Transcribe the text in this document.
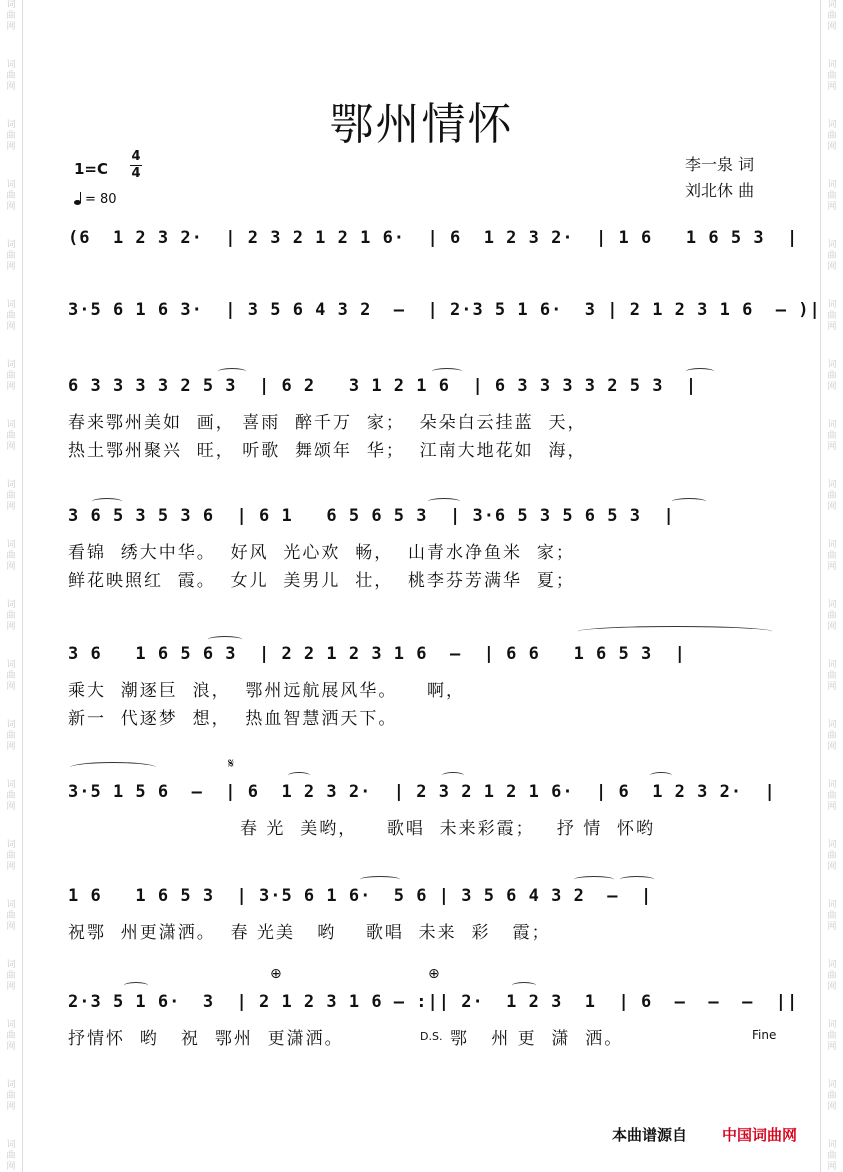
词
曲
网
词
曲
网
词
曲
网
词
曲
网
词
曲
网
词
曲
网
词
曲
网
词
曲
网
词
曲
网
词
曲
网
词
曲
网
词
曲
网
词
曲
网
词
曲
网
词
曲
网
词
曲
网
词
曲
网
词
曲
网
词
曲
网
词
曲
网
词
曲
网
词
曲
网
词
曲
网
词
曲
网
词
曲
网
词
曲
网
词
曲
网
词
曲
网
词
曲
网
词
曲
网
词
曲
网
词
曲
网
词
曲
网
词
曲
网
词
曲
网
词
曲
网
词
曲
网
词
曲
网
词
曲
网
词
曲
网
鄂州情怀
1=C
4
4
= 80
李一泉 词
刘北休 曲
(6  1 2 3 2·  | 2 3 2 1 2 1 6·  | 6  1 2 3 2·  | 1 6   1 6 5 3  |
3·5 6 1 6 3·  | 3 5 6 4 3 2  —  | 2·3 5 1 6·  3 | 2 1 2 3 1 6  — )|
6 3 3 3 3 2 5 3  | 6 2   3 1 2 1 6  | 6 3 3 3 3 2 5 3  |
春来鄂州美如  画， 喜雨  醉千万  家；  朵朵白云挂蓝  天，
热土鄂州聚兴  旺， 听歌  舞颂年  华；  江南大地花如  海，
3 6 5 3 5 3 6  | 6 1   6 5 6 5 3  | 3·6 5 3 5 6 5 3  |
看锦  绣大中华。  好风  光心欢  畅，  山青水净鱼米  家；
鲜花映照红  霞。  女儿  美男儿  壮，  桃李芬芳满华  夏；
3 6   1 6 5 6 3  | 2 2 1 2 3 1 6  —  | 6 6   1 6 5 3  |
乘大  潮逐巨  浪，  鄂州远航展风华。    啊，
新一  代逐梦  想，  热血智慧洒天下。
𝄋
3·5 1 5 6  —  | 6  1 2 3 2·  | 2 3 2 1 2 1 6·  | 6  1 2 3 2·  |
春 光  美哟，    歌唱  未来彩霞；   抒 情  怀哟
1 6   1 6 5 3  | 3·5 6 1 6·  5 6 | 3 5 6 4 3 2  —  |
祝鄂  州更潇洒。  春 光美   哟    歌唱  未来  彩   霞；
⊕	⊕
2·3 5 1 6·  3  | 2 1 2 3 1 6 — :|| 2·  1 2 3  1  | 6  —  —  —  ||
抒情怀  哟   祝  鄂州  更潇洒。	D.S. 鄂   州 更  潇  洒。	Fine
本曲谱源自 中国词曲网
